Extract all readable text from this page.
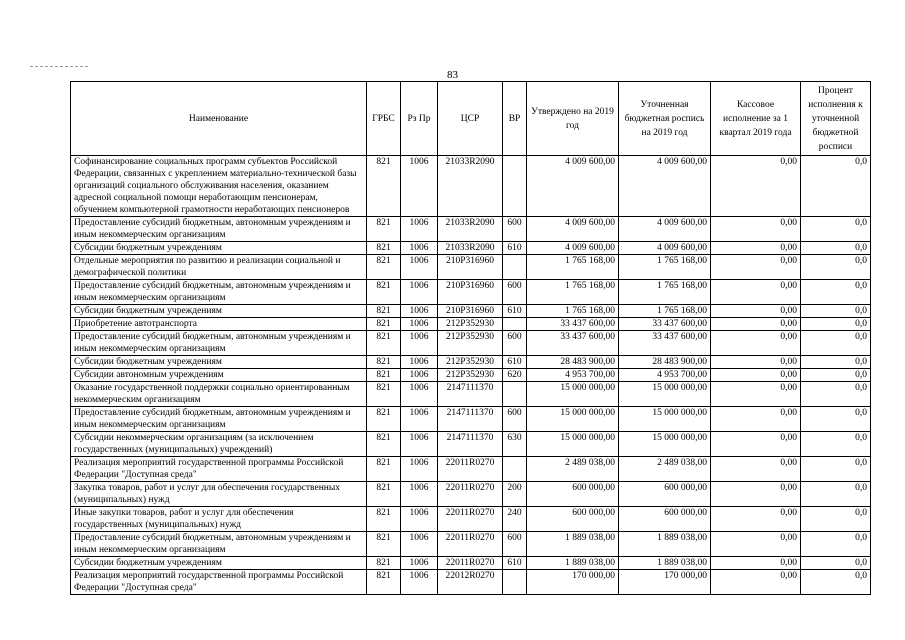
83
Наименование	ГРБС	Рз Пр	ЦСР	ВР	Утверждено на 2019 год	Уточненная бюджетная роспись на 2019 год	Кассовое исполнение за 1 квартал 2019 года	Процент исполнения к уточненной бюджетной росписи
Софинансирование социальных программ субъектов Российской Федерации, связанных с укреплением материально-технической базы организаций социального обслуживания населения, оказанием адресной социальной помощи неработающим пенсионерам, обучением компьютерной грамотности неработающих пенсионеров	821	1006	21033R2090		4 009 600,00	4 009 600,00	0,00	0,0
Предоставление субсидий бюджетным, автономным учреждениям и иным некоммерческим организациям	821	1006	21033R2090	600	4 009 600,00	4 009 600,00	0,00	0,0
Субсидии бюджетным учреждениям	821	1006	21033R2090	610	4 009 600,00	4 009 600,00	0,00	0,0
Отдельные мероприятия по развитию и реализации социальной и демографической политики	821	1006	210Р316960		1 765 168,00	1 765 168,00	0,00	0,0
Предоставление субсидий бюджетным, автономным учреждениям и иным некоммерческим организациям	821	1006	210Р316960	600	1 765 168,00	1 765 168,00	0,00	0,0
Субсидии бюджетным учреждениям	821	1006	210Р316960	610	1 765 168,00	1 765 168,00	0,00	0,0
Приобретение автотранспорта	821	1006	212Р352930		33 437 600,00	33 437 600,00	0,00	0,0
Предоставление субсидий бюджетным, автономным учреждениям и иным некоммерческим организациям	821	1006	212Р352930	600	33 437 600,00	33 437 600,00	0,00	0,0
Субсидии бюджетным учреждениям	821	1006	212Р352930	610	28 483 900,00	28 483 900,00	0,00	0,0
Субсидии автономным учреждениям	821	1006	212Р352930	620	4 953 700,00	4 953 700,00	0,00	0,0
Оказание государственной поддержки социально ориентированным некоммерческим организациям	821	1006	2147111370		15 000 000,00	15 000 000,00	0,00	0,0
Предоставление субсидий бюджетным, автономным учреждениям и иным некоммерческим организациям	821	1006	2147111370	600	15 000 000,00	15 000 000,00	0,00	0,0
Субсидии некоммерческим организациям (за исключением государственных (муниципальных) учреждений)	821	1006	2147111370	630	15 000 000,00	15 000 000,00	0,00	0,0
Реализация мероприятий государственной программы Российской Федерации "Доступная среда"	821	1006	22011R0270		2 489 038,00	2 489 038,00	0,00	0,0
Закупка товаров, работ и услуг для обеспечения государственных (муниципальных) нужд	821	1006	22011R0270	200	600 000,00	600 000,00	0,00	0,0
Иные закупки товаров, работ и услуг для обеспечения государственных (муниципальных) нужд	821	1006	22011R0270	240	600 000,00	600 000,00	0,00	0,0
Предоставление субсидий бюджетным, автономным учреждениям и иным некоммерческим организациям	821	1006	22011R0270	600	1 889 038,00	1 889 038,00	0,00	0,0
Субсидии бюджетным учреждениям	821	1006	22011R0270	610	1 889 038,00	1 889 038,00	0,00	0,0
Реализация мероприятий государственной программы Российской Федерации "Доступная среда"	821	1006	22012R0270		170 000,00	170 000,00	0,00	0,0
